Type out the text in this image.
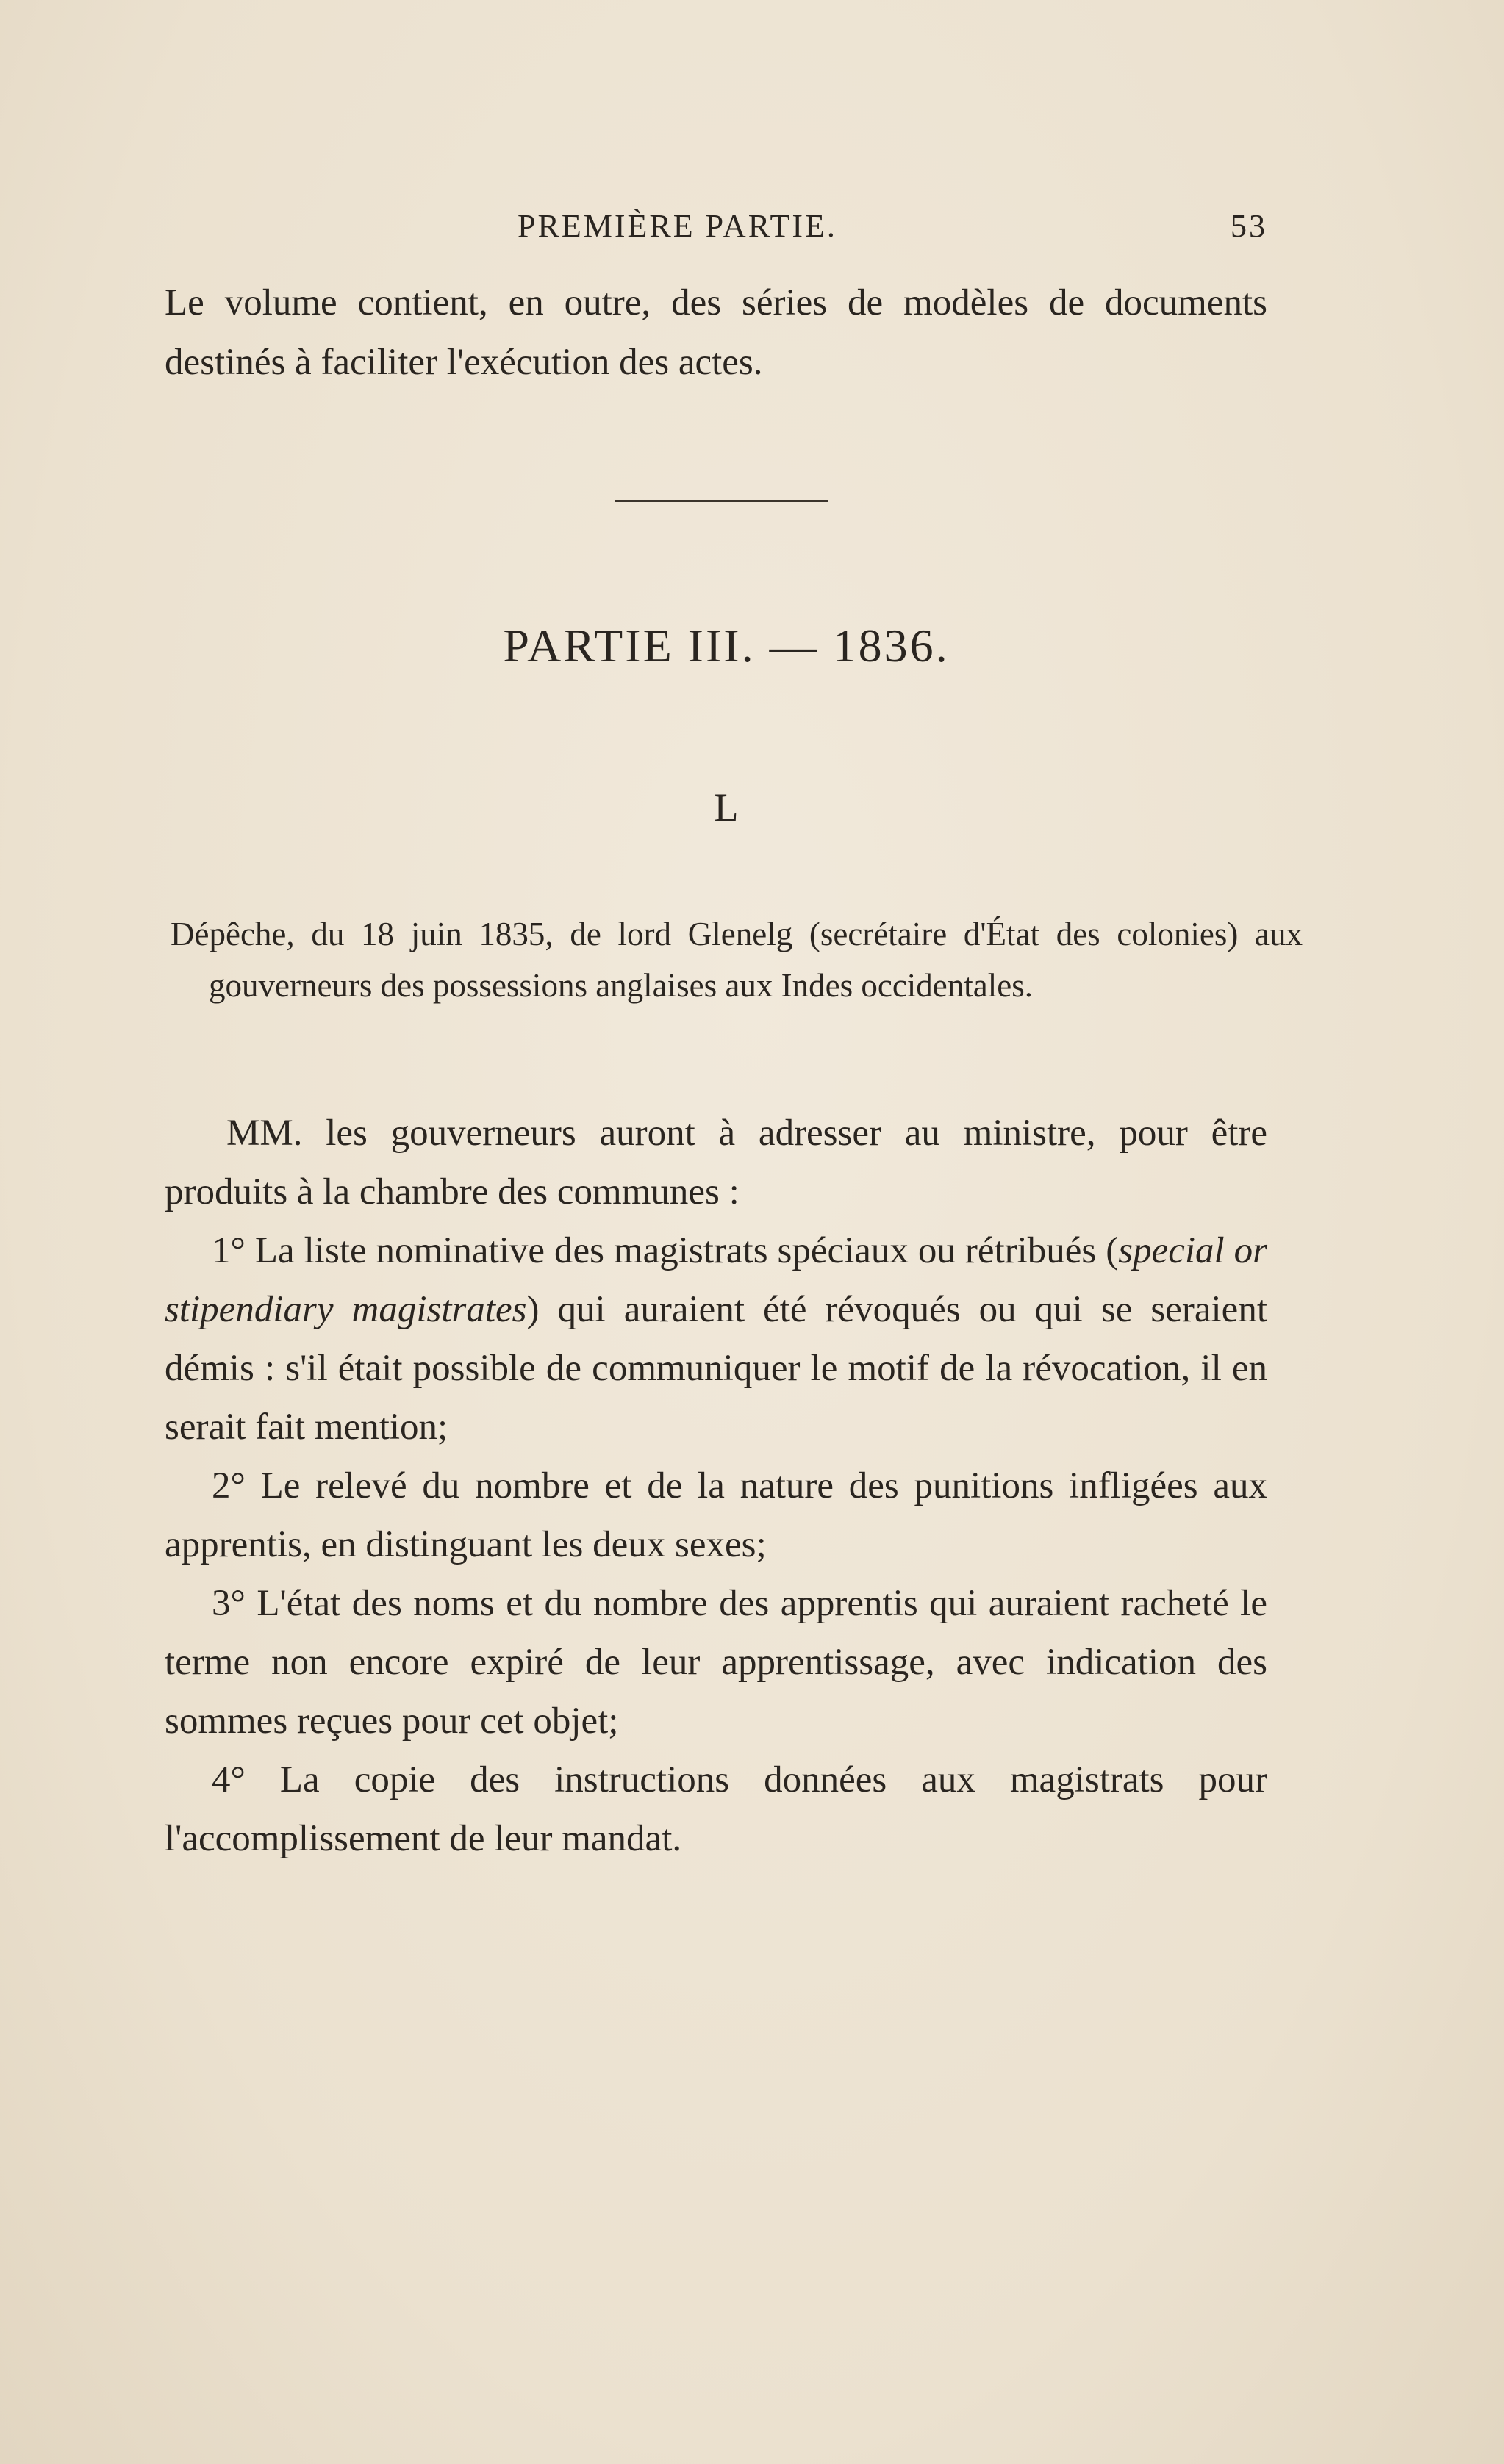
PREMIÈRE PARTIE.	53

Le volume contient, en outre, des séries de modèles de documents destinés à faciliter l'exécution des actes.

PARTIE III. — 1836.
L

Dépêche, du 18 juin 1835, de lord Glenelg (secrétaire d'État des colonies) aux gouverneurs des possessions anglaises aux Indes occidentales.

MM. les gouverneurs auront à adresser au ministre, pour être produits à la chambre des communes :

1° La liste nominative des magistrats spéciaux ou rétribués (special or stipendiary magistrates) qui auraient été révoqués ou qui se seraient démis : s'il était possible de communiquer le motif de la révocation, il en serait fait mention;

2° Le relevé du nombre et de la nature des punitions infligées aux apprentis, en distinguant les deux sexes;

3° L'état des noms et du nombre des apprentis qui auraient racheté le terme non encore expiré de leur apprentissage, avec indication des sommes reçues pour cet objet;

4° La copie des instructions données aux magistrats pour l'accomplissement de leur mandat.
